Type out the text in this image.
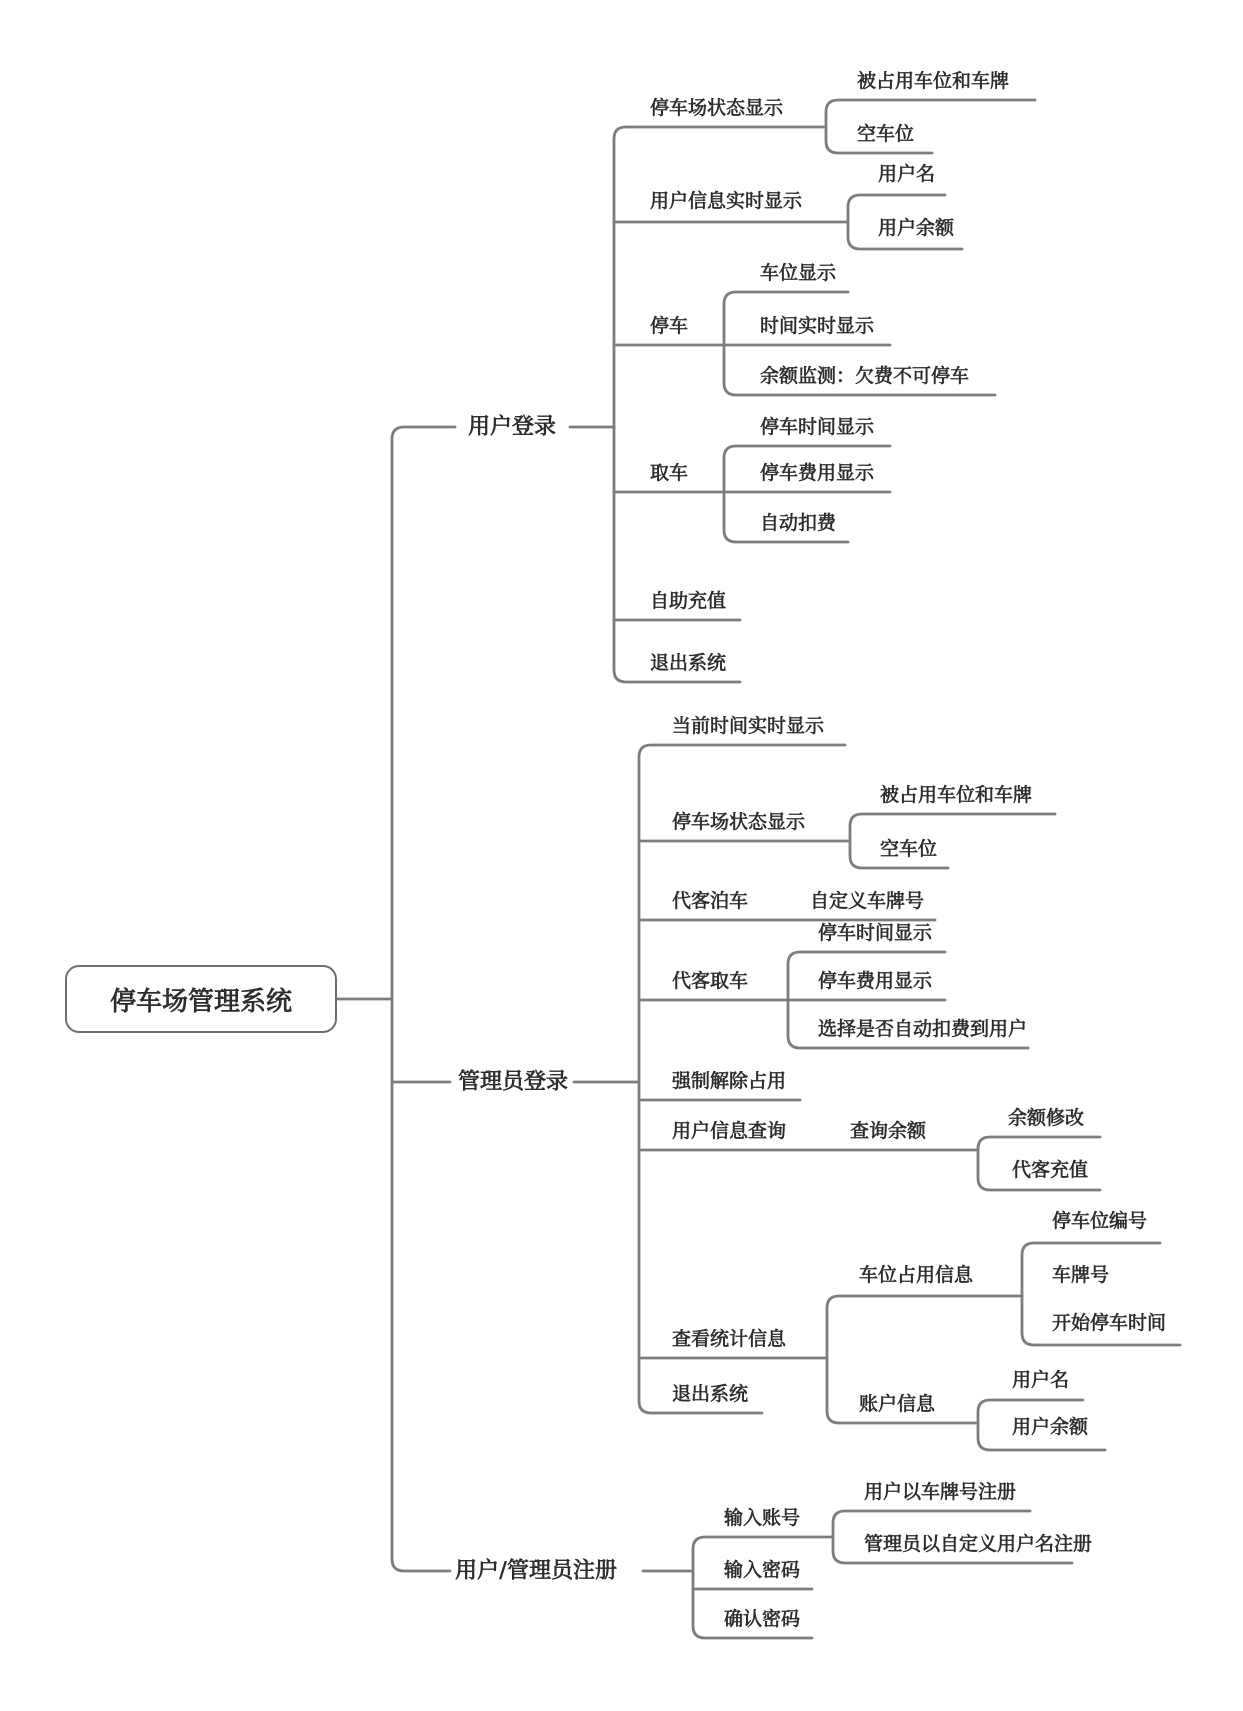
停车场管理系统
用户登录
停车场状态显示
被占用车位和车牌
空车位
用户信息实时显示
用户名
用户余额
停车
车位显示
时间实时显示
余额监测：欠费不可停车
取车
停车时间显示
停车费用显示
自动扣费
自助充值
退出系统
管理员登录
当前时间实时显示
停车场状态显示
被占用车位和车牌
空车位
代客泊车	自定义车牌号
代客取车
停车时间显示
停车费用显示
选择是否自动扣费到用户
强制解除占用
用户信息查询	查询余额
余额修改
代客充值
查看统计信息
车位占用信息
停车位编号
车牌号
开始停车时间
账户信息
用户名
用户余额
退出系统
用户/管理员注册
输入账号
用户以车牌号注册
管理员以自定义用户名注册
输入密码
确认密码
